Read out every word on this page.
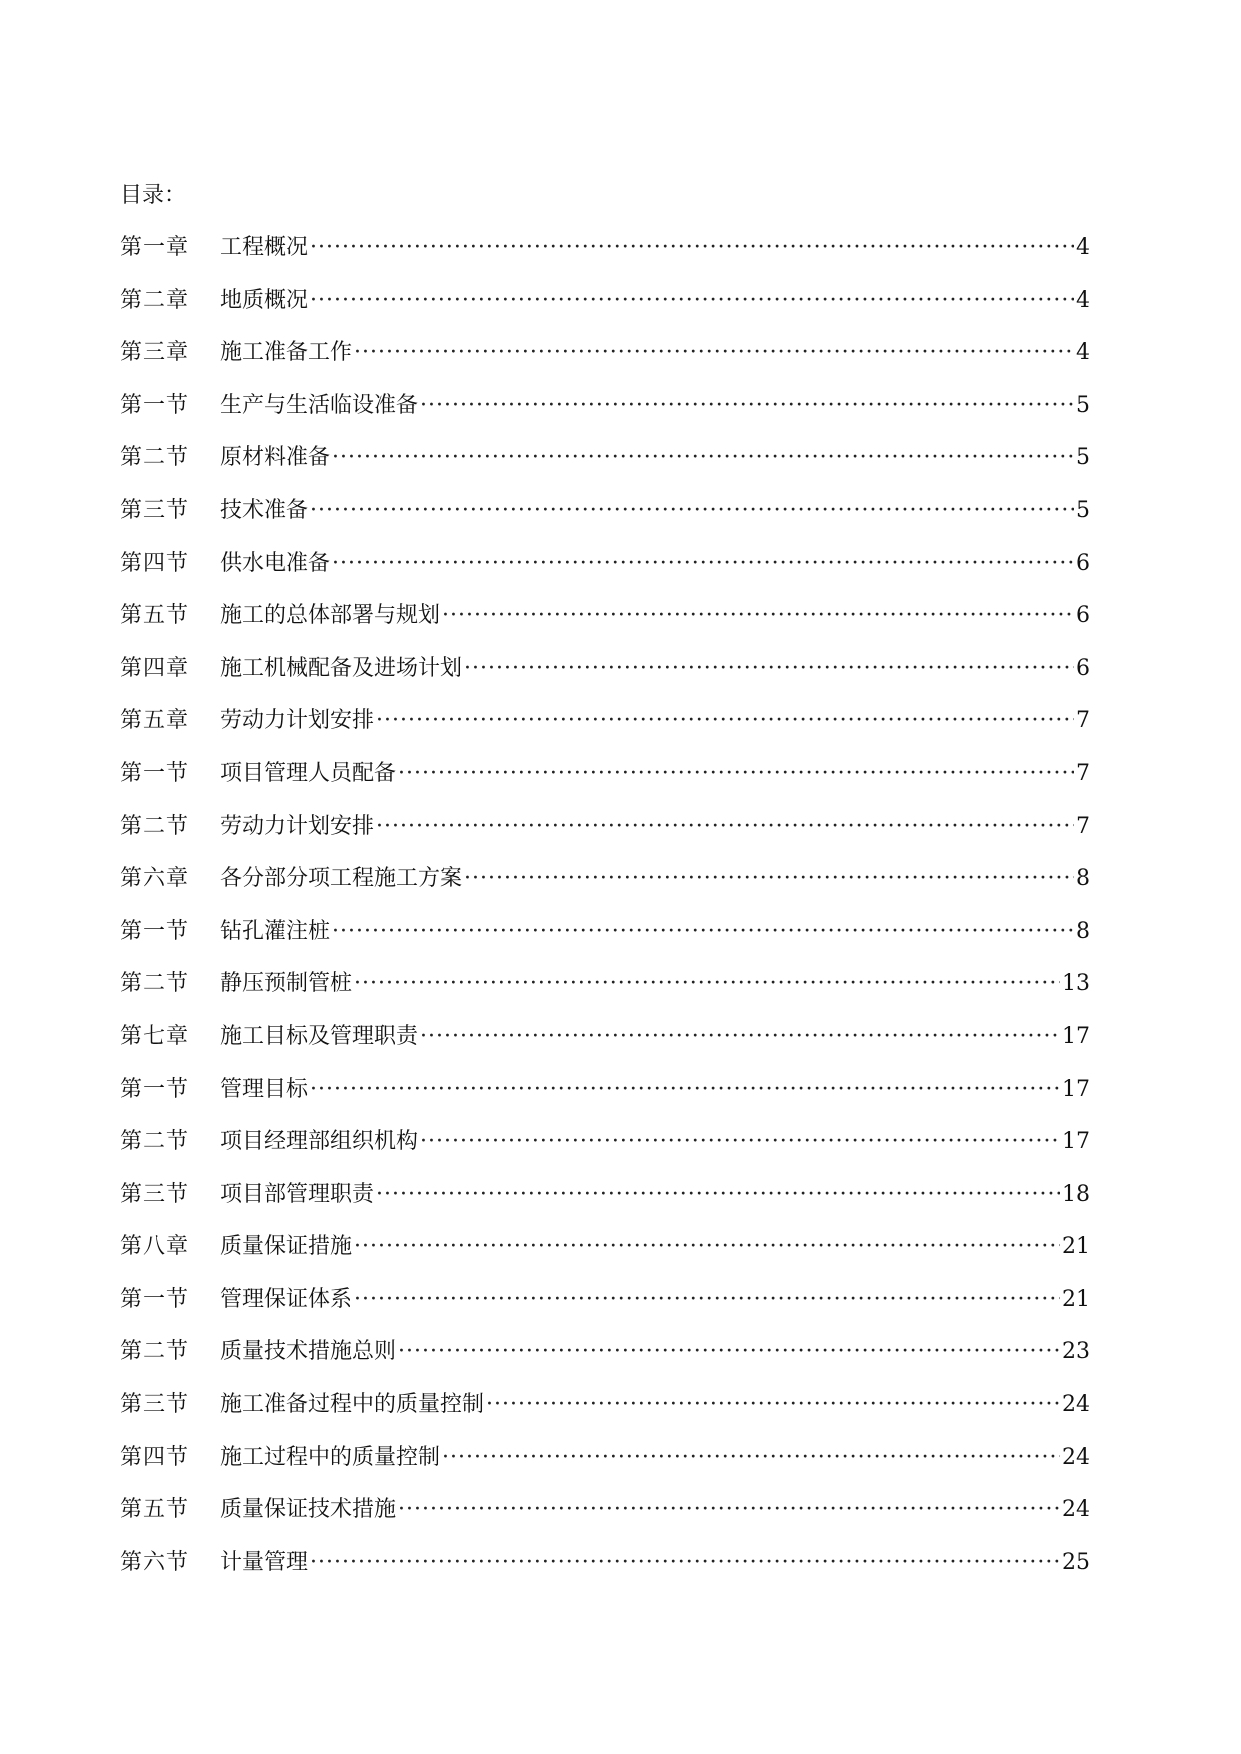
目录：
第一章	工程概况 ·····	4
第二章	地质概况 ·····	4
第三章	施工准备工作 ·····	4
第一节	生产与生活临设准备 ·····	5
第二节	原材料准备 ·····	5
第三节	技术准备 ·····	5
第四节	供水电准备 ·····	6
第五节	施工的总体部署与规划 ·····	6
第四章	施工机械配备及进场计划 ·····	6
第五章	劳动力计划安排 ·····	7
第一节	项目管理人员配备 ·····	7
第二节	劳动力计划安排 ·····	7
第六章	各分部分项工程施工方案 ·····	8
第一节	钻孔灌注桩 ·····	8
第二节	静压预制管桩 ·····	13
第七章	施工目标及管理职责 ·····	17
第一节	管理目标 ·····	17
第二节	项目经理部组织机构 ·····	17
第三节	项目部管理职责 ·····	18
第八章	质量保证措施 ·····	21
第一节	管理保证体系 ·····	21
第二节	质量技术措施总则 ·····	23
第三节	施工准备过程中的质量控制 ·····	24
第四节	施工过程中的质量控制 ·····	24
第五节	质量保证技术措施 ·····	24
第六节	计量管理 ·····	25
